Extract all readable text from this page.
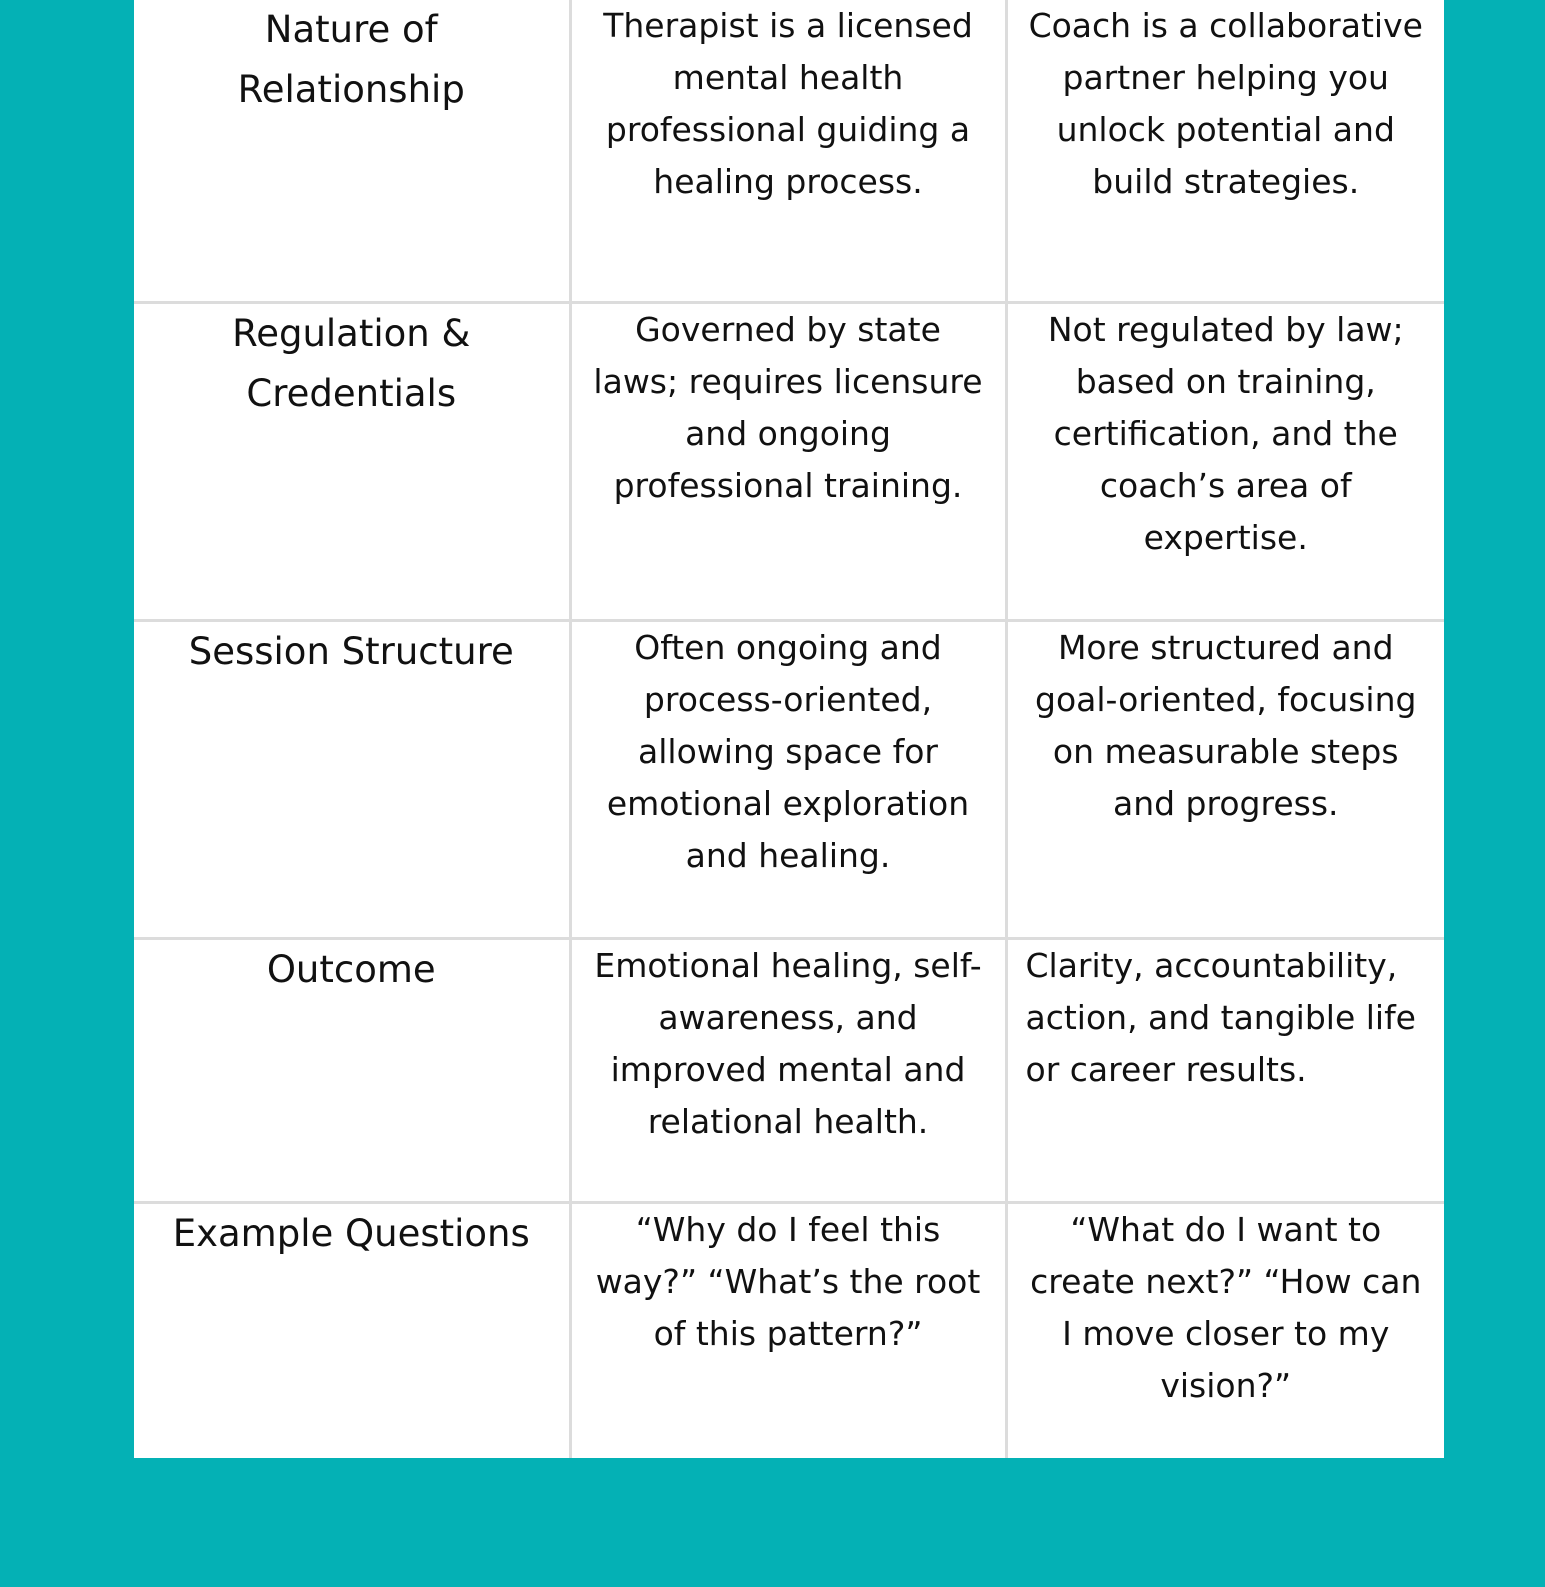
Nature of Relationship	Therapist is a licensed mental health professional guiding a healing process.	Coach is a collaborative partner helping you unlock potential and build strategies.
Regulation & Credentials	Governed by state laws; requires licensure and ongoing professional training.	Not regulated by law; based on training, certification, and the coach’s area of expertise.
Session Structure	Often ongoing and process-oriented, allowing space for emotional exploration and healing.	More structured and goal-oriented, focusing on measurable steps and progress.
Outcome	Emotional healing, self-awareness, and improved mental and relational health.	Clarity, accountability, action, and tangible life or career results.
Example Questions	“Why do I feel this way?” “What’s the root of this pattern?”	“What do I want to create next?” “How can I move closer to my vision?”
